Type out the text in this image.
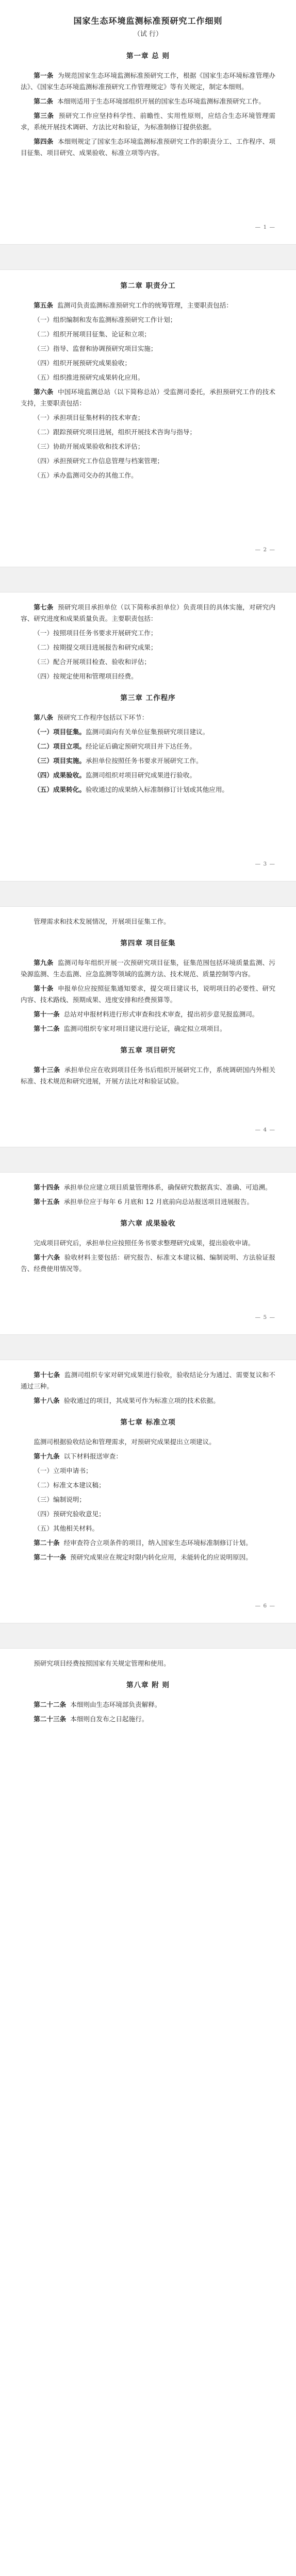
国家生态环境监测标准预研究工作细则
（试 行）
第一章 总 则

第一条 为规范国家生态环境监测标准预研究工作，根据《国家生态环境标准管理办法》、《国家生态环境监测标准预研究工作管理规定》等有关规定，制定本细则。

第二条 本细则适用于生态环境部组织开展的国家生态环境监测标准预研究工作。

第三条 预研究工作应坚持科学性、前瞻性、实用性原则，应结合生态环境管理需求，系统开展技术调研、方法比对和验证，为标准制修订提供依据。

第四条 本细则规定了国家生态环境监测标准预研究工作的职责分工、工作程序、项目征集、项目研究、成果验收、标准立项等内容。

— 1 —
第二章 职责分工

第五条 监测司负责监测标准预研究工作的统筹管理，主要职责包括：

（一）组织编制和发布监测标准预研究工作计划；

（二）组织开展项目征集、论证和立项；

（三）指导、监督和协调预研究项目实施；

（四）组织开展预研究成果验收；

（五）组织推进预研究成果转化应用。

第六条 中国环境监测总站（以下简称总站）受监测司委托，承担预研究工作的技术支持，主要职责包括：

（一）承担项目征集材料的技术审查；

（二）跟踪预研究项目进展，组织开展技术咨询与指导；

（三）协助开展成果验收和技术评估；

（四）承担预研究工作信息管理与档案管理；

（五）承办监测司交办的其他工作。

— 2 —

第七条 预研究项目承担单位（以下简称承担单位）负责项目的具体实施，对研究内容、研究进度和成果质量负责。主要职责包括：

（一）按照项目任务书要求开展研究工作；

（二）按期提交项目进展报告和研究成果；

（三）配合开展项目检查、验收和评估；

（四）按规定使用和管理项目经费。

第三章 工作程序

第八条 预研究工作程序包括以下环节：

（一）项目征集。监测司面向有关单位征集预研究项目建议。

（二）项目立项。经论证后确定预研究项目并下达任务。

（三）项目实施。承担单位按照任务书要求开展研究工作。

（四）成果验收。监测司组织对项目研究成果进行验收。

（五）成果转化。验收通过的成果纳入标准制修订计划或其他应用。

— 3 —

管理需求和技术发展情况，开展项目征集工作。

第四章 项目征集

第九条 监测司每年组织开展一次预研究项目征集，征集范围包括环境质量监测、污染源监测、生态监测、应急监测等领域的监测方法、技术规范、质量控制等内容。

第十条 申报单位应按照征集通知要求，提交项目建议书，说明项目的必要性、研究内容、技术路线、预期成果、进度安排和经费预算等。

第十一条 总站对申报材料进行形式审查和技术审查，提出初步意见报监测司。

第十二条 监测司组织专家对项目建议进行论证，确定拟立项项目。

第五章 项目研究

第十三条 承担单位应在收到项目任务书后组织开展研究工作，系统调研国内外相关标准、技术规范和研究进展，开展方法比对和验证试验。

— 4 —

第十四条 承担单位应建立项目质量管理体系，确保研究数据真实、准确、可追溯。

第十五条 承担单位应于每年 6 月底和 12 月底前向总站报送项目进展报告。

第六章 成果验收

完成项目研究后，承担单位应按照任务书要求整理研究成果，提出验收申请。

第十六条 验收材料主要包括：研究报告、标准文本建议稿、编制说明、方法验证报告、经费使用情况等。

— 5 —

第十七条 监测司组织专家对研究成果进行验收，验收结论分为通过、需要复议和不通过三种。

第十八条 验收通过的项目，其成果可作为标准立项的技术依据。

第七章 标准立项

监测司根据验收结论和管理需求，对预研究成果提出立项建议。

第十九条 以下材料报送审查：

（一）立项申请书；

（二）标准文本建议稿；

（三）编制说明；

（四）预研究验收意见；

（五）其他相关材料。

第二十条 经审查符合立项条件的项目，纳入国家生态环境标准制修订计划。

第二十一条 预研究成果应在规定时限内转化应用，未能转化的应说明原因。

— 6 —

预研究项目经费按照国家有关规定管理和使用。

第八章 附 则

第二十二条 本细则由生态环境部负责解释。

第二十三条 本细则自发布之日起施行。
